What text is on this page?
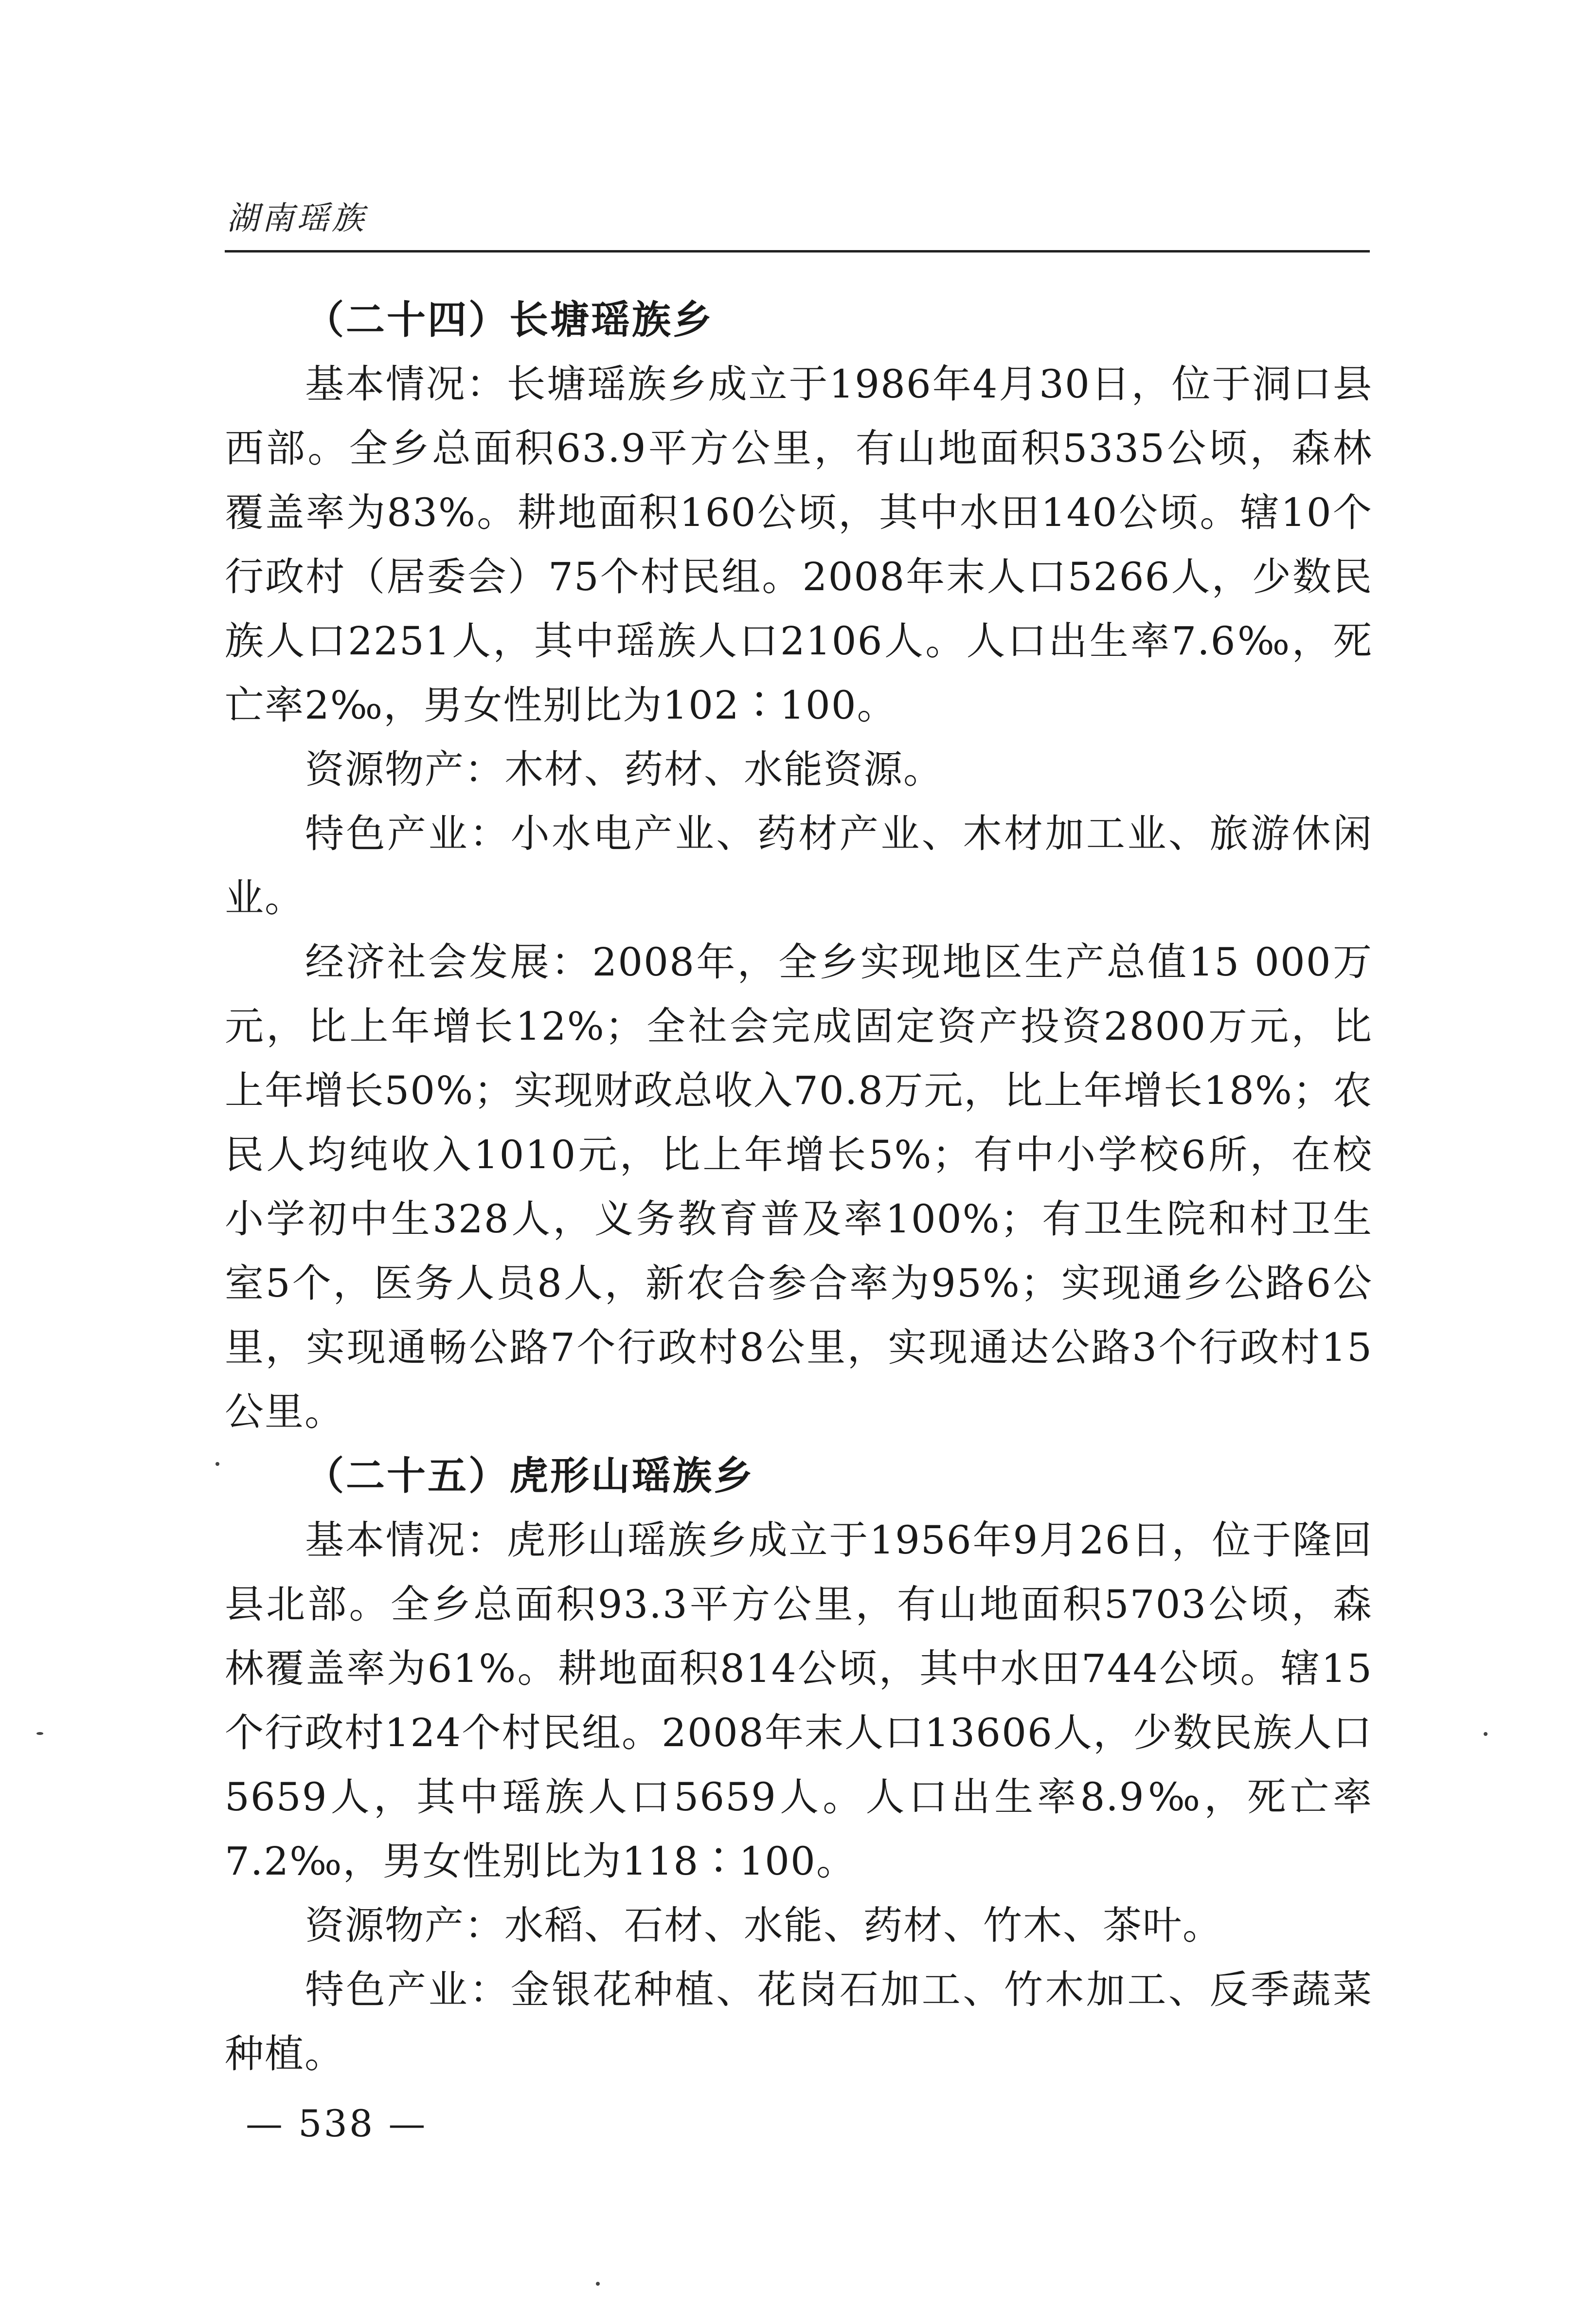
湖南瑶族
（二十四）长塘瑶族乡

基本情况：长塘瑶族乡成立于1986年4月30日，位于洞口县西部。全乡总面积63.9平方公里，有山地面积5335公顷，森林覆盖率为83%。耕地面积160公顷，其中水田140公顷。辖10个行政村（居委会）75个村民组。2008年末人口5266人，少数民族人口2251人，其中瑶族人口2106人。人口出生率7.6‰，死亡率2‰，男女性别比为102∶100。

资源物产：木材、药材、水能资源。

特色产业：小水电产业、药材产业、木材加工业、旅游休闲业。

经济社会发展：2008年，全乡实现地区生产总值15 000万元，比上年增长12%；全社会完成固定资产投资2800万元，比上年增长50%；实现财政总收入70.8万元，比上年增长18%；农民人均纯收入1010元，比上年增长5%；有中小学校6所，在校小学初中生328人，义务教育普及率100%；有卫生院和村卫生室5个，医务人员8人，新农合参合率为95%；实现通乡公路6公里，实现通畅公路7个行政村8公里，实现通达公路3个行政村15公里。

（二十五）虎形山瑶族乡

基本情况：虎形山瑶族乡成立于1956年9月26日，位于隆回县北部。全乡总面积93.3平方公里，有山地面积5703公顷，森林覆盖率为61%。耕地面积814公顷，其中水田744公顷。辖15个行政村124个村民组。2008年末人口13606人，少数民族人口5659人，其中瑶族人口5659人。人口出生率8.9‰，死亡率7.2‰，男女性别比为118∶100。

资源物产：水稻、石材、水能、药材、竹木、茶叶。

特色产业：金银花种植、花岗石加工、竹木加工、反季蔬菜种植。

— 538 —
